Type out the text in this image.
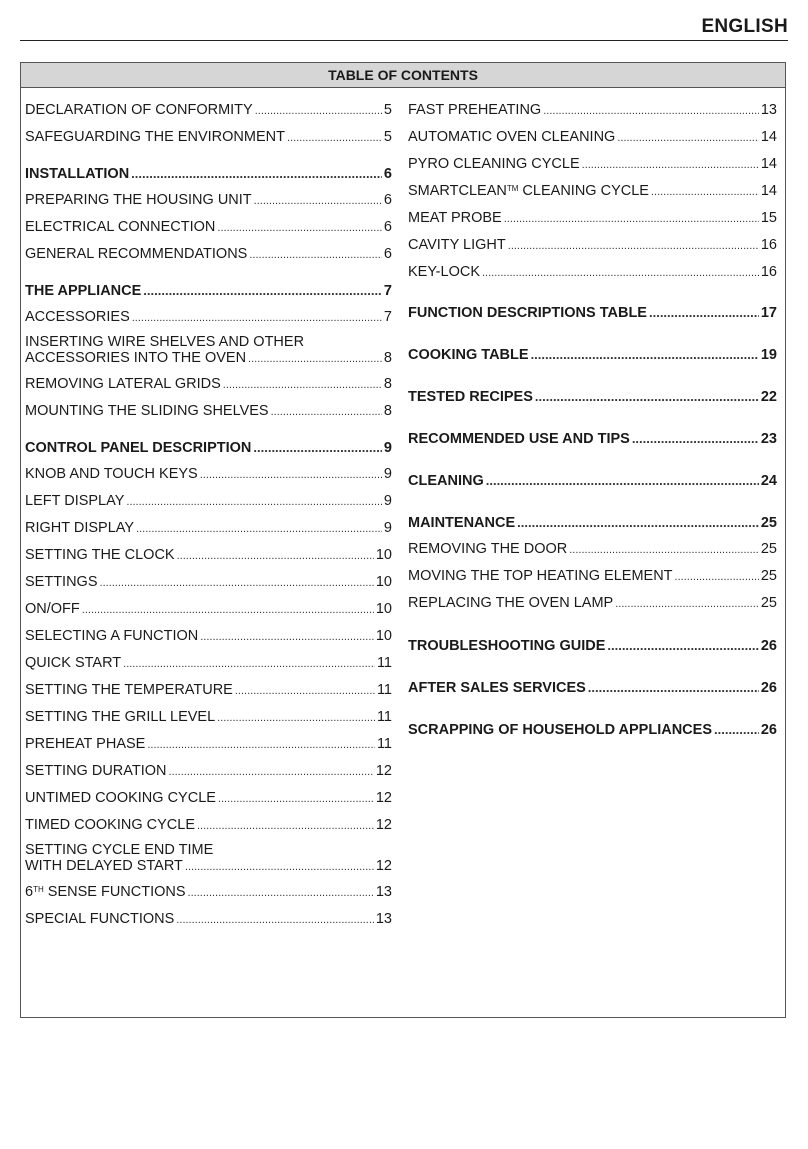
ENGLISH
TABLE OF CONTENTS
DECLARATION OF CONFORMITY .....	5
SAFEGUARDING THE ENVIRONMENT .....	5
INSTALLATION .....	6
PREPARING THE HOUSING UNIT .....	6
ELECTRICAL CONNECTION .....	6
GENERAL RECOMMENDATIONS .....	6
THE APPLIANCE .....	7
ACCESSORIES .....	7
INSERTING WIRE SHELVES AND OTHER
ACCESSORIES INTO THE OVEN .....	8
REMOVING LATERAL GRIDS .....	8
MOUNTING THE SLIDING SHELVES .....	8
CONTROL PANEL DESCRIPTION .....	9
KNOB AND TOUCH KEYS .....	9
LEFT DISPLAY .....	9
RIGHT DISPLAY .....	9
SETTING THE CLOCK .....	10
SETTINGS .....	10
ON/OFF .....	10
SELECTING A FUNCTION .....	10
QUICK START .....	11
SETTING THE TEMPERATURE .....	11
SETTING THE GRILL LEVEL .....	11
PREHEAT PHASE .....	11
SETTING DURATION .....	12
UNTIMED COOKING CYCLE .....	12
TIMED COOKING CYCLE .....	12
SETTING CYCLE END TIME
WITH DELAYED START .....	12
6TH SENSE FUNCTIONS .....	13
SPECIAL FUNCTIONS .....	13
FAST PREHEATING .....	13
AUTOMATIC OVEN CLEANING .....	14
PYRO CLEANING CYCLE .....	14
SMARTCLEAN™ CLEANING CYCLE .....	14
MEAT PROBE .....	15
CAVITY LIGHT .....	16
KEY-LOCK .....	16
FUNCTION DESCRIPTIONS TABLE .....	17
COOKING TABLE .....	19
TESTED RECIPES .....	22
RECOMMENDED USE AND TIPS .....	23
CLEANING .....	24
MAINTENANCE .....	25
REMOVING THE DOOR .....	25
MOVING THE TOP HEATING ELEMENT .....	25
REPLACING THE OVEN LAMP .....	25
TROUBLESHOOTING GUIDE .....	26
AFTER SALES SERVICES .....	26
SCRAPPING OF HOUSEHOLD APPLIANCES .....	26
